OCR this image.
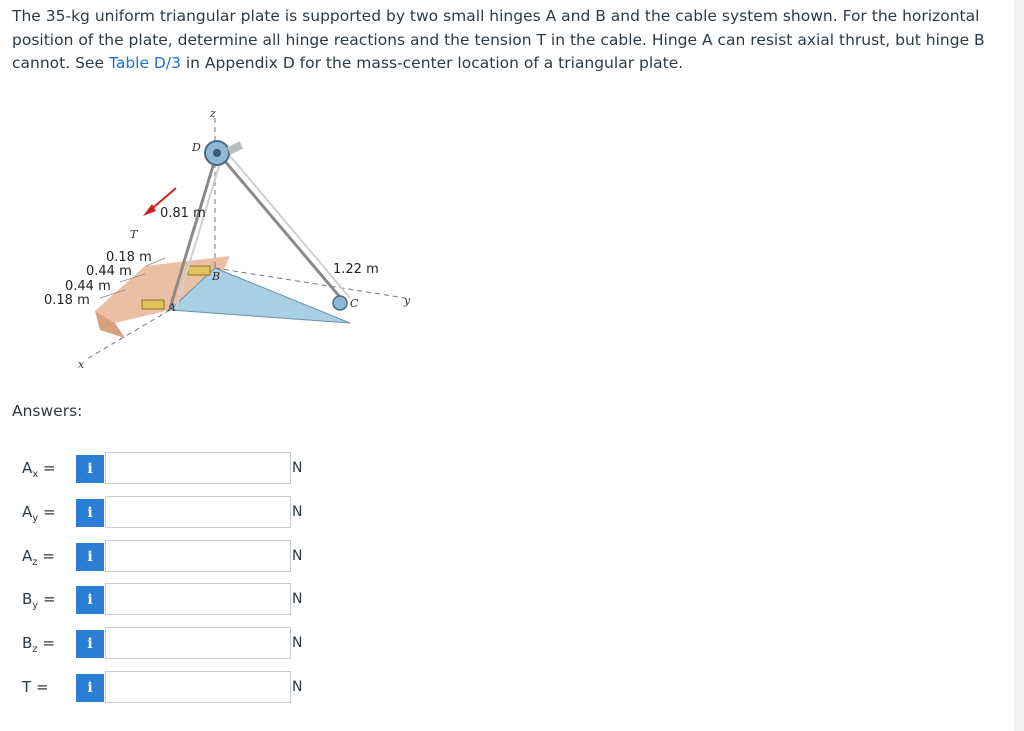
The 35-kg uniform triangular plate is supported by two small hinges A and B and the cable system shown. For the horizontal position of the plate, determine all hinge reactions and the tension T in the cable. Hinge A can resist axial thrust, but hinge B cannot. See Table D/3 in Appendix D for the mass-center location of a triangular plate.
0.81 m
0.18 m
0.44 m
0.44 m
0.18 m
1.22 m
T
D
A
B
C
x
y
z
Answers:
$A_x$ =	i	N
$A_y$ =	i	N
$A_z$ =	i	N
$B_y$ =	i	N
$B_z$ =	i	N
T =	i	N
